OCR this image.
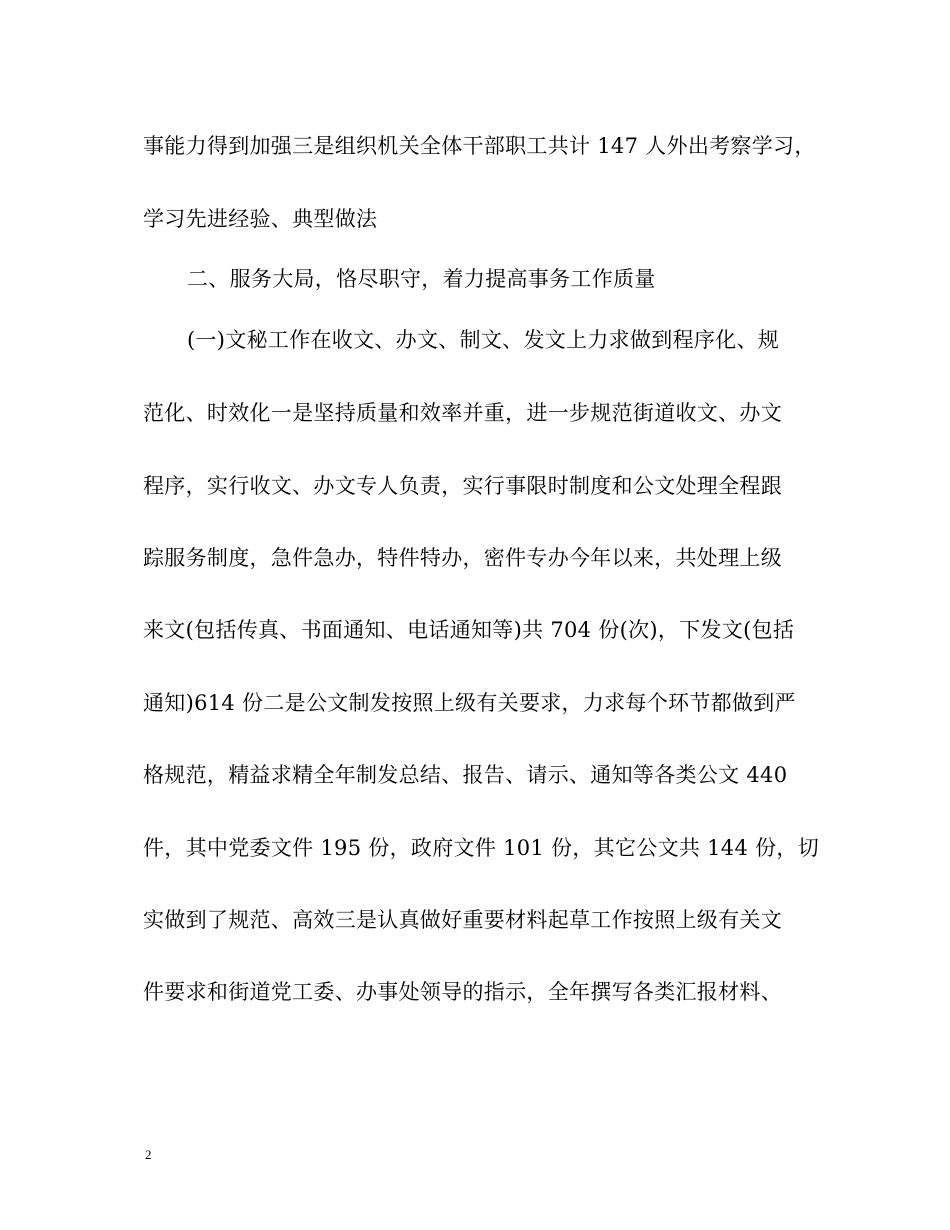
事能力得到加强三是组织机关全体干部职工共计 147 人外出考察学习，
学习先进经验、典型做法
二、服务大局，恪尽职守，着力提高事务工作质量
(一)文秘工作在收文、办文、制文、发文上力求做到程序化、规
范化、时效化一是坚持质量和效率并重，进一步规范街道收文、办文
程序，实行收文、办文专人负责，实行事限时制度和公文处理全程跟
踪服务制度，急件急办，特件特办，密件专办今年以来，共处理上级
来文(包括传真、书面通知、电话通知等)共 704 份(次)，下发文(包括
通知)614 份二是公文制发按照上级有关要求，力求每个环节都做到严
格规范，精益求精全年制发总结、报告、请示、通知等各类公文 440
件，其中党委文件 195 份，政府文件 101 份，其它公文共 144 份，切
实做到了规范、高效三是认真做好重要材料起草工作按照上级有关文
件要求和街道党工委、办事处领导的指示，全年撰写各类汇报材料、
2
